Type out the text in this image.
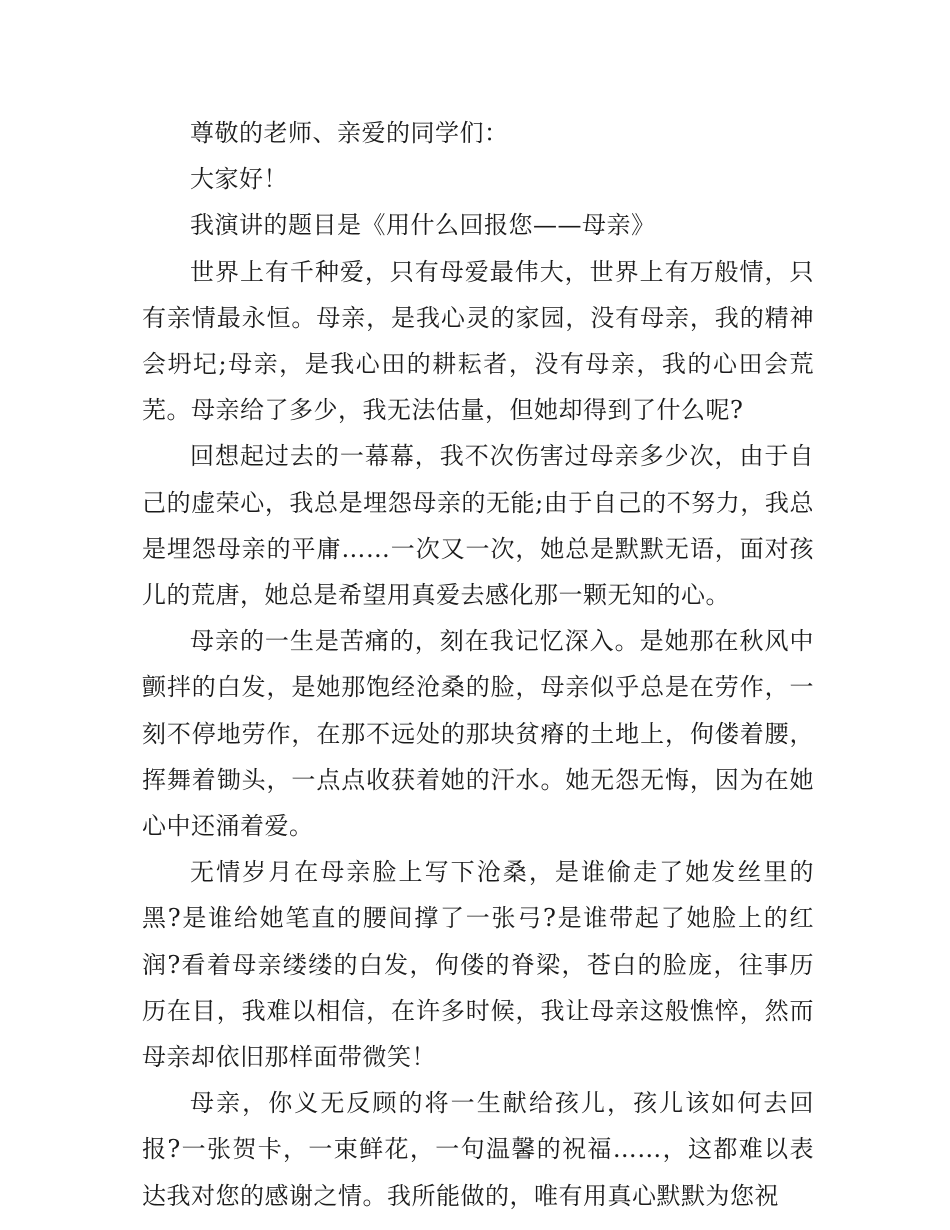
尊敬的老师、亲爱的同学们：

大家好！

我演讲的题目是《用什么回报您——母亲》

世界上有千种爱，只有母爱最伟大，世界上有万般情，只有亲情最永恒。母亲，是我心灵的家园，没有母亲，我的精神会坍圮;母亲，是我心田的耕耘者，没有母亲，我的心田会荒芜。母亲给了多少，我无法估量，但她却得到了什么呢?

回想起过去的一幕幕，我不次伤害过母亲多少次，由于自己的虚荣心，我总是埋怨母亲的无能;由于自己的不努力，我总是埋怨母亲的平庸……一次又一次，她总是默默无语，面对孩儿的荒唐，她总是希望用真爱去感化那一颗无知的心。

母亲的一生是苦痛的，刻在我记忆深入。是她那在秋风中颤拌的白发，是她那饱经沧桑的脸，母亲似乎总是在劳作，一刻不停地劳作，在那不远处的那块贫瘠的土地上，佝偻着腰，挥舞着锄头，一点点收获着她的汗水。她无怨无悔，因为在她心中还涌着爱。

无情岁月在母亲脸上写下沧桑，是谁偷走了她发丝里的黑?是谁给她笔直的腰间撑了一张弓?是谁带起了她脸上的红润?看着母亲缕缕的白发，佝偻的脊梁，苍白的脸庞，往事历历在目，我难以相信，在许多时候，我让母亲这般憔悴，然而母亲却依旧那样面带微笑！

母亲，你义无反顾的将一生献给孩儿，孩儿该如何去回报?一张贺卡，一束鲜花，一句温馨的祝福……，这都难以表达我对您的感谢之情。我所能做的，唯有用真心默默为您祝
